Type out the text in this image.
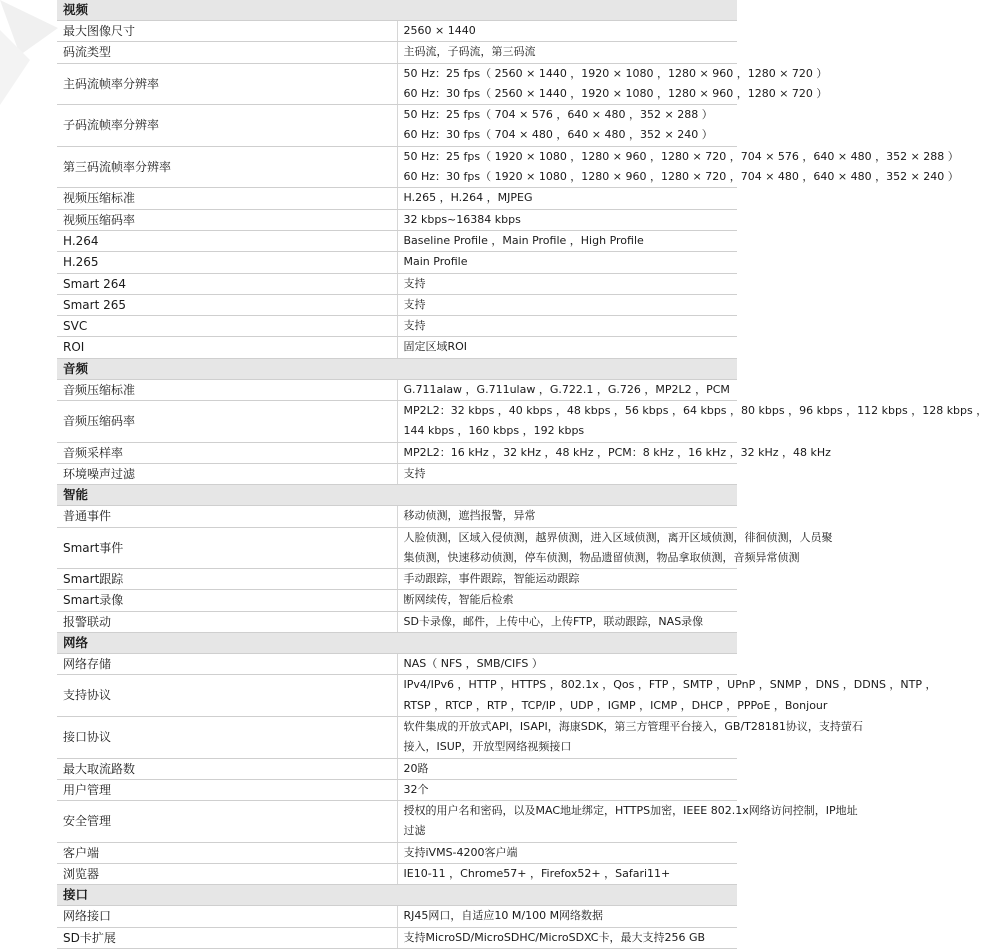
视频	
最大图像尺寸	2560 × 1440

码流类型	主码流，子码流，第三码流

主码流帧率分辨率	50 Hz：25 fps（ 2560 × 1440 ，1920 × 1080 ，1280 × 960 ，1280 × 720 ）
60 Hz：30 fps（ 2560 × 1440 ，1920 × 1080 ，1280 × 960 ，1280 × 720 ）

子码流帧率分辨率	50 Hz：25 fps（ 704 × 576 ，640 × 480 ，352 × 288 ）
60 Hz：30 fps（ 704 × 480 ，640 × 480 ，352 × 240 ）

第三码流帧率分辨率	50 Hz：25 fps（ 1920 × 1080 ，1280 × 960 ，1280 × 720 ，704 × 576 ，640 × 480 ，352 × 288 ）
60 Hz：30 fps（ 1920 × 1080 ，1280 × 960 ，1280 × 720 ，704 × 480 ，640 × 480 ，352 × 240 ）

视频压缩标准	H.265 ，H.264 ，MJPEG

视频压缩码率	32 kbps~16384 kbps

H.264	Baseline Profile ，Main Profile ，High Profile

H.265	Main Profile

Smart 264	支持

Smart 265	支持

SVC	支持

ROI	固定区域ROI

音频	
音频压缩标准	G.711alaw ，G.711ulaw ，G.722.1 ，G.726 ，MP2L2 ，PCM

音频压缩码率	MP2L2：32 kbps ，40 kbps ，48 kbps ，56 kbps ，64 kbps ，80 kbps ，96 kbps ，112 kbps ，128 kbps ，
144 kbps ，160 kbps ，192 kbps

音频采样率	MP2L2：16 kHz ，32 kHz ，48 kHz ，PCM：8 kHz ，16 kHz ，32 kHz ，48 kHz

环境噪声过滤	支持

智能	
普通事件	移动侦测，遮挡报警，异常

Smart事件	人脸侦测，区域入侵侦测，越界侦测，进入区域侦测，离开区域侦测，徘徊侦测，人员聚
集侦测，快速移动侦测，停车侦测，物品遗留侦测，物品拿取侦测，音频异常侦测

Smart跟踪	手动跟踪，事件跟踪，智能运动跟踪

Smart录像	断网续传，智能后检索

报警联动	SD卡录像，邮件，上传中心，上传FTP，联动跟踪，NAS录像

网络	
网络存储	NAS（ NFS ，SMB/CIFS ）

支持协议	IPv4/IPv6 ，HTTP ，HTTPS ，802.1x ，Qos ，FTP ，SMTP ，UPnP ，SNMP ，DNS ，DDNS ，NTP ，
RTSP ，RTCP ，RTP ，TCP/IP ，UDP ，IGMP ，ICMP ，DHCP ，PPPoE ，Bonjour

接口协议	软件集成的开放式API，ISAPI，海康SDK，第三方管理平台接入，GB/T28181协议，支持萤石
接入，ISUP，开放型网络视频接口

最大取流路数	20路

用户管理	32个

安全管理	授权的用户名和密码，以及MAC地址绑定，HTTPS加密，IEEE 802.1x网络访问控制，IP地址
过滤

客户端	支持iVMS-4200客户端

浏览器	IE10-11 ，Chrome57+ ，Firefox52+ ，Safari11+

接口	
网络接口	RJ45网口，自适应10 M/100 M网络数据

SD卡扩展	支持MicroSD/MicroSDHC/MicroSDXC卡，最大支持256 GB
